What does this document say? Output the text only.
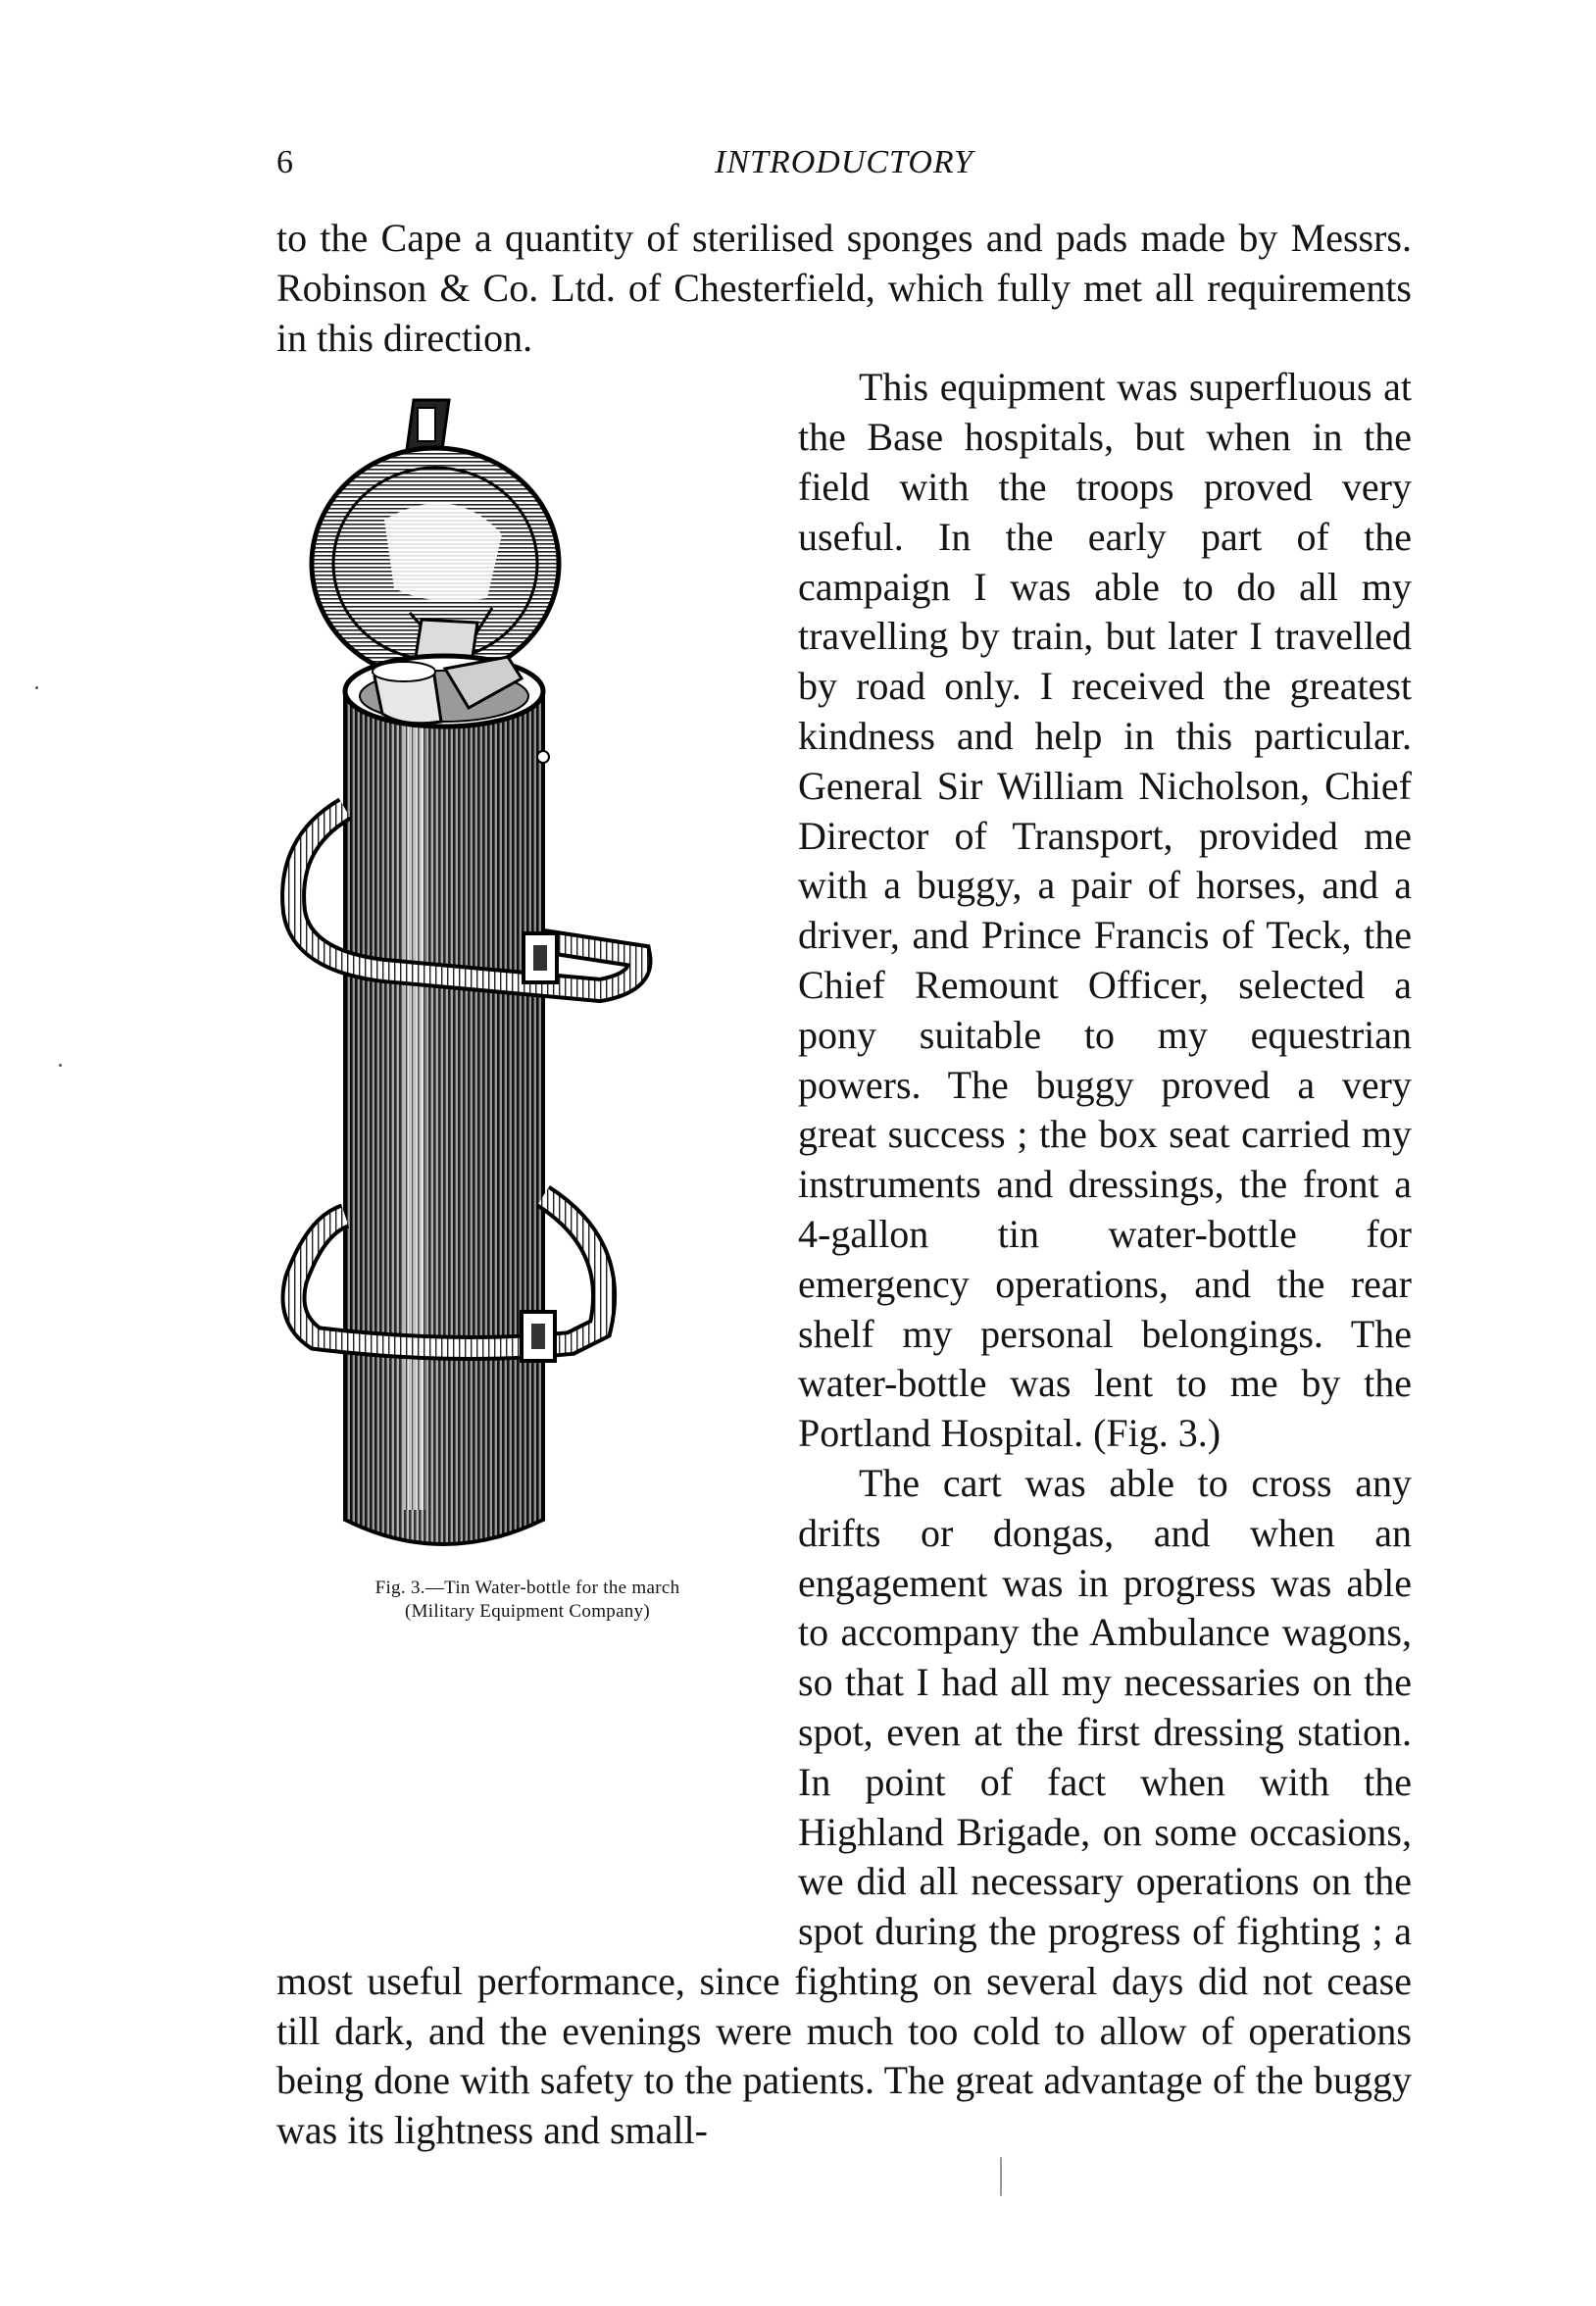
6	INTRODUCTORY

to the Cape a quantity of sterilised sponges and pads made by Messrs. Robinson & Co. Ltd. of Chesterfield, which fully met all requirements in this direction.

Fig. 3.—Tin Water-bottle for the march
(Military Equipment Company)

This equipment was superfluous at the Base hospitals, but when in the field with the troops proved very useful. In the early part of the campaign I was able to do all my travelling by train, but later I travelled by road only. I received the greatest kindness and help in this particular. General Sir William Nicholson, Chief Director of Transport, provided me with a buggy, a pair of horses, and a driver, and Prince Francis of Teck, the Chief Remount Officer, selected a pony suitable to my equestrian powers. The buggy proved a very great success ; the box seat carried my instruments and dressings, the front a 4-gallon tin water-bottle for emergency operations, and the rear shelf my personal belongings. The water-bottle was lent to me by the Portland Hospital. (Fig. 3.)

The cart was able to cross any drifts or dongas, and when an engagement was in progress was able to accompany the Ambulance wagons, so that I had all my necessaries on the spot, even at the first dressing station. In point of fact when with the Highland Brigade, on some occasions, we did all necessary operations on the spot during the progress of fighting ; a most useful performance, since fighting on several days did not cease till dark, and the evenings were much too cold to allow of operations being done with safety to the patients. The great advantage of the buggy was its lightness and small-
